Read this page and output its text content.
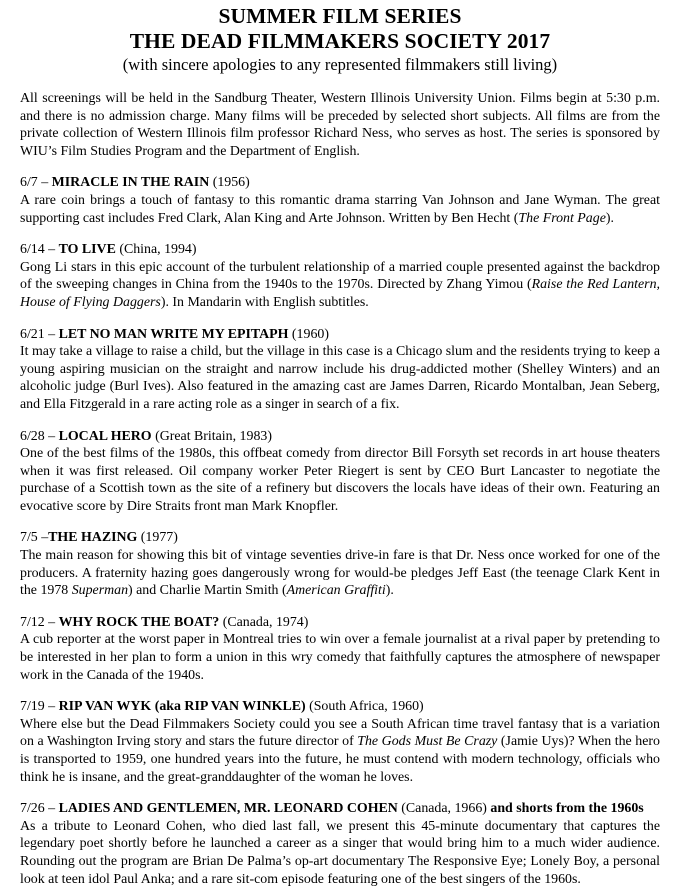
SUMMER FILM SERIES
THE DEAD FILMMAKERS SOCIETY 2017
(with sincere apologies to any represented filmmakers still living)
All screenings will be held in the Sandburg Theater, Western Illinois University Union. Films begin at 5:30 p.m. and there is no admission charge. Many films will be preceded by selected short subjects. All films are from the private collection of Western Illinois film professor Richard Ness, who serves as host. The series is sponsored by WIU’s Film Studies Program and the Department of English.
6/7 – MIRACLE IN THE RAIN (1956)
A rare coin brings a touch of fantasy to this romantic drama starring Van Johnson and Jane Wyman. The great supporting cast includes Fred Clark, Alan King and Arte Johnson. Written by Ben Hecht (The Front Page).
6/14 – TO LIVE (China, 1994)
Gong Li stars in this epic account of the turbulent relationship of a married couple presented against the backdrop of the sweeping changes in China from the 1940s to the 1970s. Directed by Zhang Yimou (Raise the Red Lantern, House of Flying Daggers). In Mandarin with English subtitles.
6/21 – LET NO MAN WRITE MY EPITAPH (1960)
It may take a village to raise a child, but the village in this case is a Chicago slum and the residents trying to keep a young aspiring musician on the straight and narrow include his drug-addicted mother (Shelley Winters) and an alcoholic judge (Burl Ives). Also featured in the amazing cast are James Darren, Ricardo Montalban, Jean Seberg, and Ella Fitzgerald in a rare acting role as a singer in search of a fix.
6/28 – LOCAL HERO (Great Britain, 1983)
One of the best films of the 1980s, this offbeat comedy from director Bill Forsyth set records in art house theaters when it was first released. Oil company worker Peter Riegert is sent by CEO Burt Lancaster to negotiate the purchase of a Scottish town as the site of a refinery but discovers the locals have ideas of their own. Featuring an evocative score by Dire Straits front man Mark Knopfler.
7/5 –THE HAZING (1977)
The main reason for showing this bit of vintage seventies drive-in fare is that Dr. Ness once worked for one of the producers. A fraternity hazing goes dangerously wrong for would-be pledges Jeff East (the teenage Clark Kent in the 1978 Superman) and Charlie Martin Smith (American Graffiti).
7/12 – WHY ROCK THE BOAT? (Canada, 1974)
A cub reporter at the worst paper in Montreal tries to win over a female journalist at a rival paper by pretending to be interested in her plan to form a union in this wry comedy that faithfully captures the atmosphere of newspaper work in the Canada of the 1940s.
7/19 – RIP VAN WYK (aka RIP VAN WINKLE) (South Africa, 1960)
Where else but the Dead Filmmakers Society could you see a South African time travel fantasy that is a variation on a Washington Irving story and stars the future director of The Gods Must Be Crazy (Jamie Uys)? When the hero is transported to 1959, one hundred years into the future, he must contend with modern technology, officials who think he is insane, and the great-granddaughter of the woman he loves.
7/26 – LADIES AND GENTLEMEN, MR. LEONARD COHEN (Canada, 1966) and shorts from the 1960s
As a tribute to Leonard Cohen, who died last fall, we present this 45-minute documentary that captures the legendary poet shortly before he launched a career as a singer that would bring him to a much wider audience. Rounding out the program are Brian De Palma’s op-art documentary The Responsive Eye; Lonely Boy, a personal look at teen idol Paul Anka; and a rare sit-com episode featuring one of the best singers of the 1960s.
